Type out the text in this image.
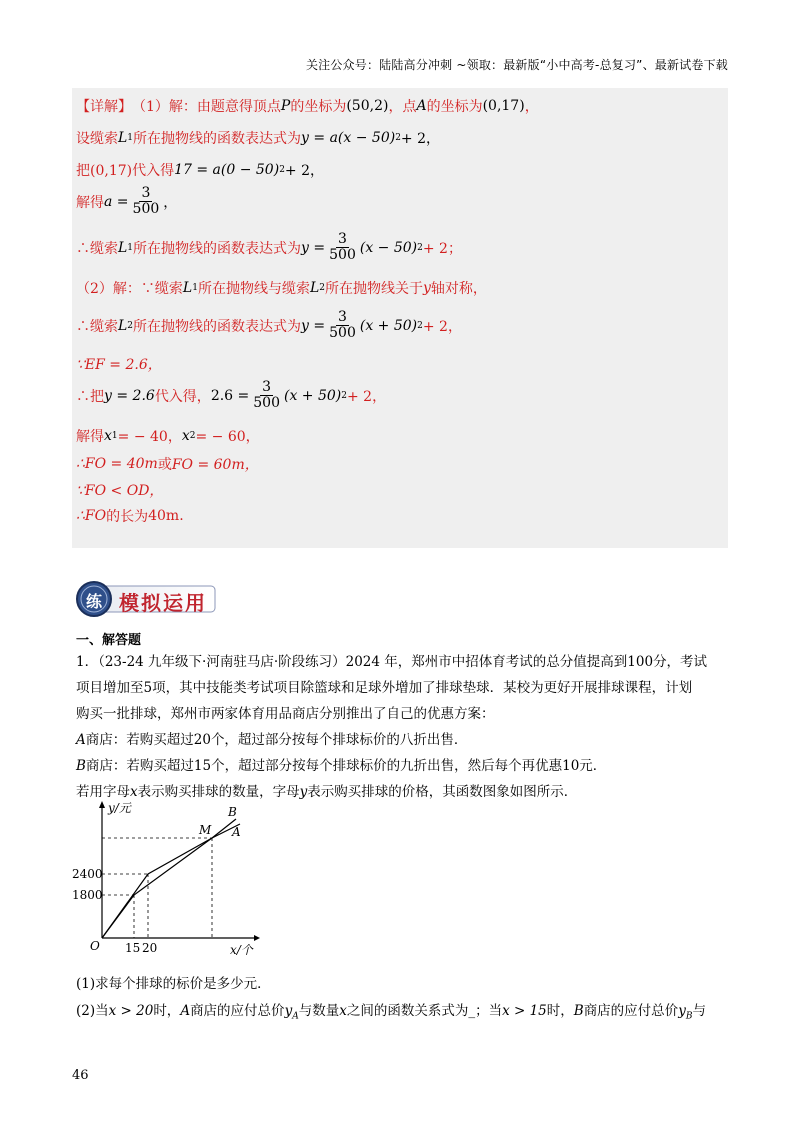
关注公众号：陆陆高分冲刺 ~领取：最新版“小中高考-总复习”、最新试卷下载
【详解】 （1）解：由题意得顶点 P 的坐标为 (50,2) ，点 A 的坐标为 (0,17) ，
设缆索 L 1 所在抛物线的函数表达式为 y = a(x − 50) 2 + 2，
把(0,17)代入得 17 = a(0 − 50) 2 + 2，
解得 $a = \frac{3}{500}$ ，
∴缆索 L 1 所在抛物线的函数表达式为 $y = \frac{3}{500} (x - 50) 2 + 2$；
（2）解：∵缆索 L 1 所在抛物线与缆索 L 2 所在抛物线关于 y 轴对称，
∴缆索 L 2 所在抛物线的函数表达式为 $y = \frac{3}{500} (x + 50) 2 + 2$，
∵EF = 2.6，
∴把 y = 2.6 代入得， $2.6 = \frac{3}{500} (x + 50) 2 + 2$，
解得 x 1 = − 40， x 2 = − 60，
∴FO = 40m 或 FO = 60m，
∵FO < OD，
∴FO 的长为 40m.
练 模拟运用
一、解答题
1．（23-24 九年级下·河南驻马店·阶段练习）2024 年，郑州市中招体育考试的总分值提高到100分，考试
项目增加至5项，其中技能类考试项目除篮球和足球外增加了排球垫球．某校为更好开展排球课程，计划
购买一批排球，郑州市两家体育用品商店分别推出了自己的优惠方案：
A商店：若购买超过20个，超过部分按每个排球标价的八折出售．
B商店：若购买超过15个，超过部分按每个排球标价的九折出售，然后每个再优惠10元．
若用字母x表示购买排球的数量，字母y表示购买排球的价格，其函数图象如图所示．
y/元
x/个
O
2400
1800
15 20
M
B
A
(1)求每个排球的标价是多少元．
(2)当x > 20时，A商店的应付总价$y_A$与数量x之间的函数关系式为_；当x > 15时，B商店的应付总价$y_B$与
46
